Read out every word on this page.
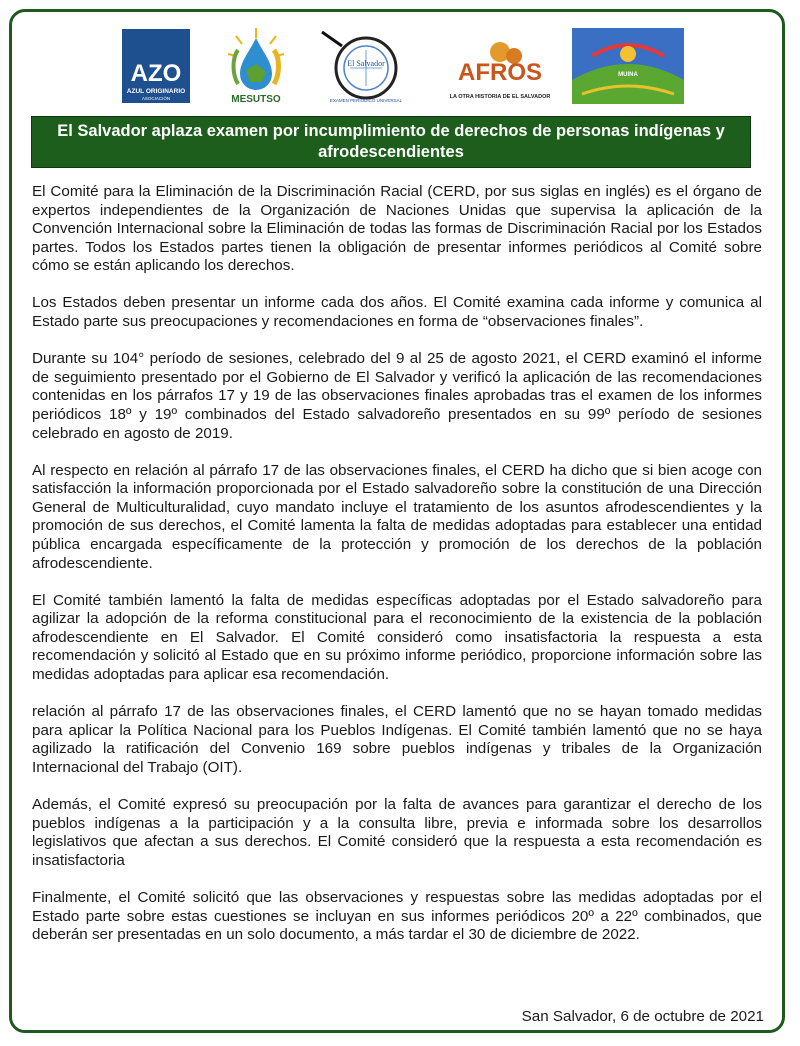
AZO
AZUL ORIGINARIO
ASOCIACIÓN	MESUTSO
El Salvador
EXAMEN PERIÓDICO UNIVERSAL
AFROS
LA OTRA HISTORIA DE EL SALVADOR
MUINA
El Salvador aplaza examen por incumplimiento de derechos de personas indígenas y afrodescendientes

El Comité para la Eliminación de la Discriminación Racial (CERD, por sus siglas en inglés) es el órgano de expertos independientes de la Organización de Naciones Unidas que supervisa la aplicación de la Convención Internacional sobre la Eliminación de todas las formas de Discriminación Racial por los Estados partes. Todos los Estados partes tienen la obligación de presentar informes periódicos al Comité sobre cómo se están aplicando los derechos.

Los Estados deben presentar un informe cada dos años. El Comité examina cada informe y comunica al Estado parte sus preocupaciones y recomendaciones en forma de “observaciones finales”.

Durante su 104° período de sesiones, celebrado del 9 al 25 de agosto 2021, el CERD examinó el informe de seguimiento presentado por el Gobierno de El Salvador y verificó la aplicación de las recomendaciones contenidas en los párrafos 17 y 19 de las observaciones finales aprobadas tras el examen de los informes periódicos 18º y 19º combinados del Estado salvadoreño presentados en su 99º período de sesiones celebrado en agosto de 2019.

Al respecto en relación al párrafo 17 de las observaciones finales, el CERD ha dicho que si bien acoge con satisfacción la información proporcionada por el Estado salvadoreño sobre la constitución de una Dirección General de Multiculturalidad, cuyo mandato incluye el tratamiento de los asuntos afrodescendientes y la promoción de sus derechos, el Comité lamenta la falta de medidas adoptadas para establecer una entidad pública encargada específicamente de la protección y promoción de los derechos de la población afrodescendiente.

El Comité también lamentó la falta de medidas específicas adoptadas por el Estado salvadoreño para agilizar la adopción de la reforma constitucional para el reconocimiento de la existencia de la población afrodescendiente en El Salvador. El Comité consideró como insatisfactoria la respuesta a esta recomendación y solicitó al Estado que en su próximo informe periódico, proporcione información sobre las medidas adoptadas para aplicar esa recomendación.

relación al párrafo 17 de las observaciones finales, el CERD lamentó que no se hayan tomado medidas para aplicar la Política Nacional para los Pueblos Indígenas. El Comité también lamentó que no se haya agilizado la ratificación del Convenio 169 sobre pueblos indígenas y tribales de la Organización Internacional del Trabajo (OIT).

Además, el Comité expresó su preocupación por la falta de avances para garantizar el derecho de los pueblos indígenas a la participación y a la consulta libre, previa e informada sobre los desarrollos legislativos que afectan a sus derechos. El Comité consideró que la respuesta a esta recomendación es insatisfactoria

Finalmente, el Comité solicitó que las observaciones y respuestas sobre las medidas adoptadas por el Estado parte sobre estas cuestiones se incluyan en sus informes periódicos 20º a 22º combinados, que deberán ser presentadas en un solo documento, a más tardar el 30 de diciembre de 2022.

San Salvador, 6 de octubre de 2021
